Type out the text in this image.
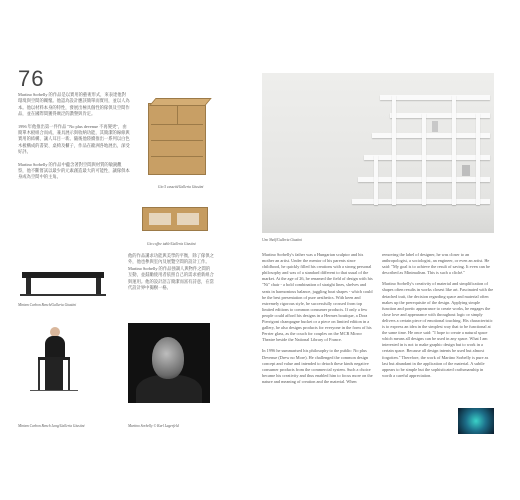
76

Martino Sorbelly 的作品是以實用的藝術形式，來表達他對環境與空間的關懷。他認為設計應該簡單而實用，並以人為本。他以材料本身的特性，發展出極具個性的傢俱及空間作品，並在國際間獲得廣泛的讚譽與肯定。

1996 年他推出第一件作品 "No plus devenue 不再變更"，由簡單木板組合而成，兼具展示與收納功能，其簡潔的線條與實用的結構，讓人耳目一新。隨後他陸續推出一系列以白色木板構成的書架、桌椅及櫃子，作品在歐洲各地展出，深受好評。

Martino Sorbelly 的作品中蘊含著對空間與材質的敏銳觀察，他不斷嘗試以最少的元素創造最大的可能性，讓傢俱本身成為空間中的主角。

Gio 5 cassetti/Galleria Giustini
Gio coffee table/Galleria Giustini
Miriam Carbon Bench/Galleria Giustini

他的作品講求功能與美學的平衡，除了傢俱之外，他也參與室內及展覽空間的設計工作。Martino Sorbelly 的作品強調人與物件之間的互動，並鼓勵使用者依照自己的需求重新組合與運用。他的設計語言簡潔而富有詩意，在當代設計界中獨樹一格。

Miriam Carbon Bench Long/Galleria Giustini	Martino Sorbelly © Karl Lagerfeld
Uno Shelf/Galleria Giustini

Martino Sorbelly's father was a Hungarian sculptor and his mother an artist. Under the mentor of his parents since childhood, he quickly filled his creations with a strong personal philosophy and was of a standard different to that usual of the market. At the age of 26, he renamed the field of design with his "Ni" chair - a bold combination of straight lines, shelves and seats in harmonious balance, juggling boat shapes - which could be the best presentation of pure aesthetics. With keen and extremely rigorous style, he successfully crossed from top limited editions to common consumer products. If only a few people could afford his designs in a Hermes boutique, a Dora Pierrigoni champagne bucket or a piece on limited edition in a gallery, he also designs products for everyone in the form of his Perrier glass, as the couch for couples on the MCR Mirror Theatre beside the National Library of France.

In 1996 he summarised his philosophy to the public: No plus Devenue (Drew no More). He challenged the common design concept and value and intended to detach these kinds negative consumer products from the commercial system. Such a choice became his creativity and thus enabled him to focus more on the nature and meaning of creation and the material. When

removing the label of designer, he was closer to an anthropologist, a sociologist, an engineer, or even an artist. He said: "My goal is to achieve the result of saving. It even can be described as Minimalism. This is such a cliché."

Martino Sorbelly's creativity of material and simplification of shapes often results in works closest like art. Fascinated with the detached trait, the decision regarding space and material often makes up the prerequisite of the design. Applying simple function and poetic appearance to create works, he engages the close love and appearance with throughout logic or simply delivers a certain piece of emotional touching. His characteristic is to express an idea in the simplest way that to be functional at the same time. He once said: "I hope to create a natural space which means all designs can be used in any space. What I am interested in is not to make graphic design but to work in a certain space. Because all design intents be used but almost forgotten." Therefore, the work of Martino Sorbelly is pure as last but abundant in the application of the material. A subtle appears to be simple but the sophisticated craftsmanship in worth a careful appreciation.
